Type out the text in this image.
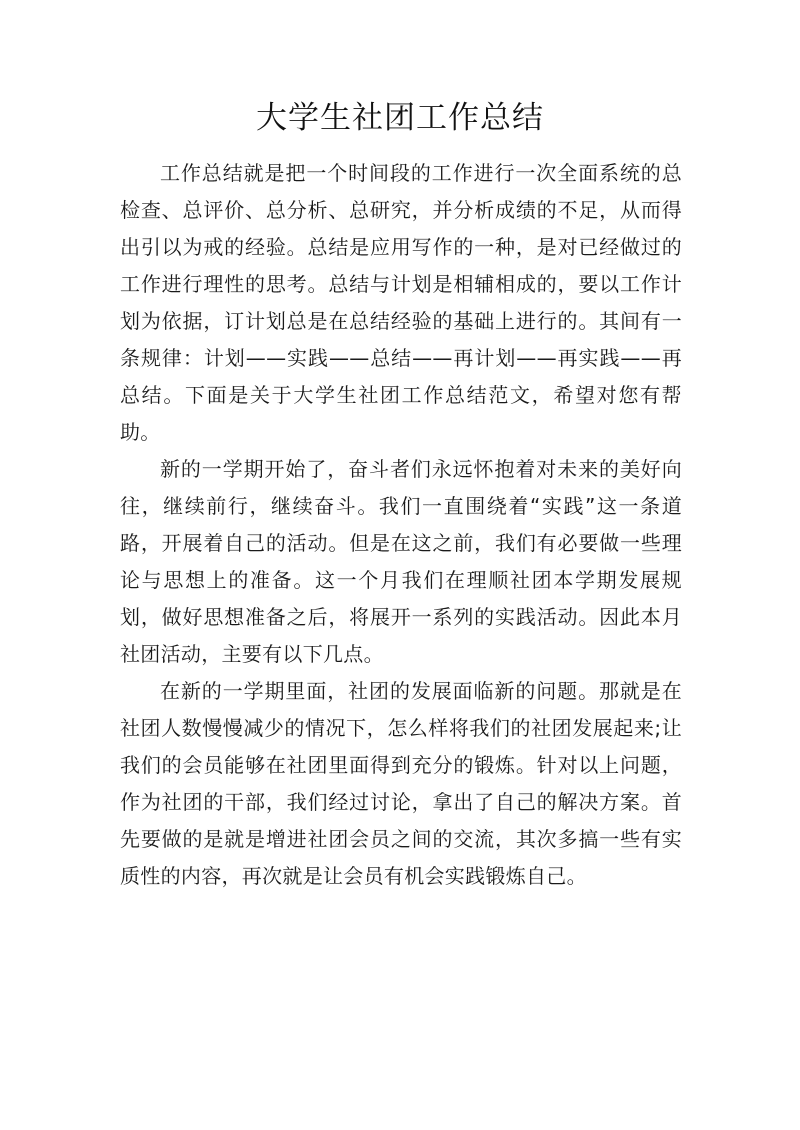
大学生社团工作总结

工作总结就是把一个时间段的工作进行一次全面系统的总检查、总评价、总分析、总研究，并分析成绩的不足，从而得出引以为戒的经验。总结是应用写作的一种，是对已经做过的工作进行理性的思考。总结与计划是相辅相成的，要以工作计划为依据，订计划总是在总结经验的基础上进行的。其间有一条规律：计划——实践——总结——再计划——再实践——再总结。下面是关于大学生社团工作总结范文，希望对您有帮助。

新的一学期开始了，奋斗者们永远怀抱着对未来的美好向往，继续前行，继续奋斗。我们一直围绕着“实践”这一条道路，开展着自己的活动。但是在这之前，我们有必要做一些理论与思想上的准备。这一个月我们在理顺社团本学期发展规划，做好思想准备之后，将展开一系列的实践活动。因此本月社团活动，主要有以下几点。

在新的一学期里面，社团的发展面临新的问题。那就是在社团人数慢慢减少的情况下，怎么样将我们的社团发展起来;让我们的会员能够在社团里面得到充分的锻炼。针对以上问题，作为社团的干部，我们经过讨论，拿出了自己的解决方案。首先要做的是就是增进社团会员之间的交流，其次多搞一些有实质性的内容，再次就是让会员有机会实践锻炼自己。
